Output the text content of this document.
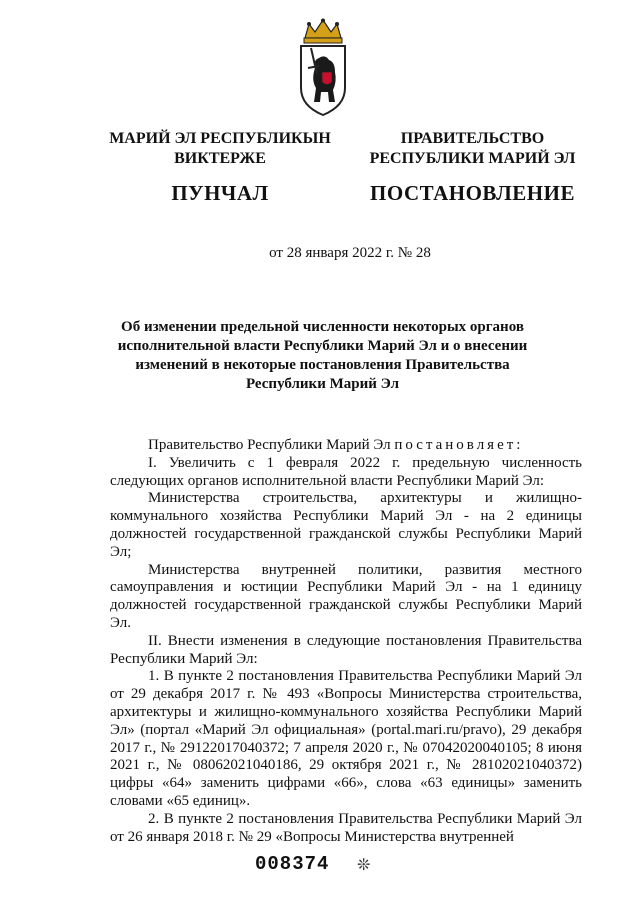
МАРИЙ ЭЛ РЕСПУБЛИКЫН
ВИКТЕРЖЕ
ПУНЧАЛ
ПРАВИТЕЛЬСТВО
РЕСПУБЛИКИ МАРИЙ ЭЛ
ПОСТАНОВЛЕНИЕ
от 28 января 2022 г. № 28
Об изменении предельной численности некоторых органов исполнительной власти Республики Марий Эл и о внесении изменений в некоторые постановления Правительства Республики Марий Эл

Правительство Республики Марий Эл постановляет:

I. Увеличить с 1 февраля 2022 г. предельную численность следующих органов исполнительной власти Республики Марий Эл:

Министерства строительства, архитектуры и жилищно-коммунального хозяйства Республики Марий Эл - на 2 единицы должностей государственной гражданской службы Республики Марий Эл;

Министерства внутренней политики, развития местного самоуправления и юстиции Республики Марий Эл - на 1 единицу должностей государственной гражданской службы Республики Марий Эл.

II. Внести изменения в следующие постановления Правительства Республики Марий Эл:

1. В пункте 2 постановления Правительства Республики Марий Эл от 29 декабря 2017 г. № 493 «Вопросы Министерства строительства, архитектуры и жилищно-коммунального хозяйства Республики Марий Эл» (портал «Марий Эл официальная» (portal.mari.ru/pravo), 29 декабря 2017 г., № 29122017040372; 7 апреля 2020 г., № 07042020040105; 8 июня 2021 г., № 08062021040186, 29 октября 2021 г., № 28102021040372) цифры «64» заменить цифрами «66», слова «63 единицы» заменить словами «65 единиц».

2. В пункте 2 постановления Правительства Республики Марий Эл от 26 января 2018 г. № 29 «Вопросы Министерства внутренней

008374	❊
